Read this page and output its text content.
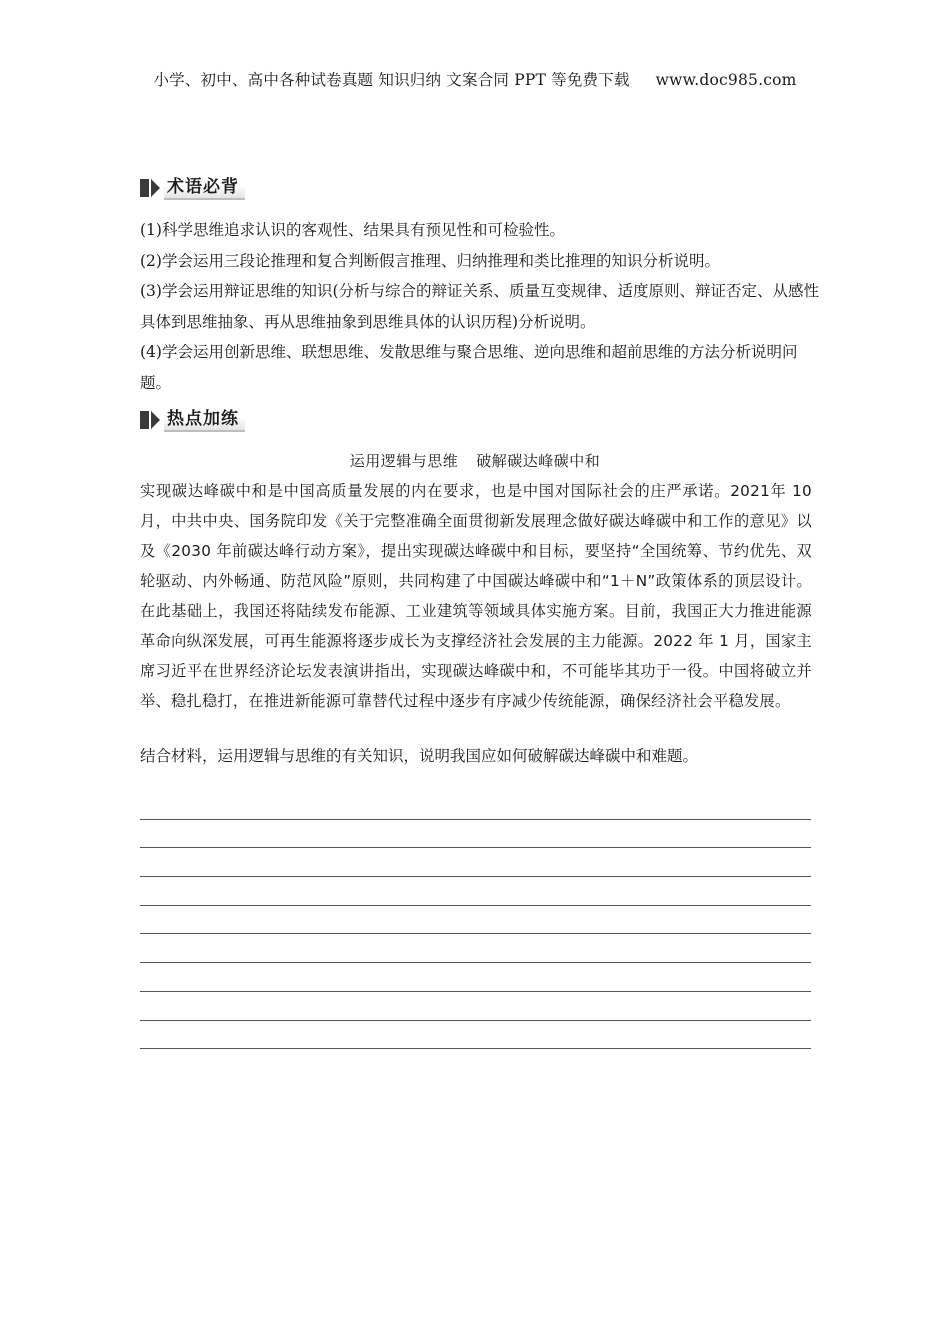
小学、初中、高中各种试卷真题 知识归纳 文案合同 PPT 等免费下载 www.doc985.com
术语必背

(1)科学思维追求认识的客观性、结果具有预见性和可检验性。

(2)学会运用三段论推理和复合判断假言推理、归纳推理和类比推理的知识分析说明。

(3)学会运用辩证思维的知识(分析与综合的辩证关系、质量互变规律、适度原则、辩证否定、从感性具体到思维抽象、再从思维抽象到思维具体的认识历程)分析说明。

(4)学会运用创新思维、联想思维、发散思维与聚合思维、逆向思维和超前思维的方法分析说明问题。

热点加练
运用逻辑与思维 破解碳达峰碳中和

实现碳达峰碳中和是中国高质量发展的内在要求，也是中国对国际社会的庄严承诺。2021年 10 月，中共中央、国务院印发《关于完整准确全面贯彻新发展理念做好碳达峰碳中和工作的意见》以及《2030 年前碳达峰行动方案》，提出实现碳达峰碳中和目标，要坚持“全国统筹、节约优先、双轮驱动、内外畅通、防范风险”原则，共同构建了中国碳达峰碳中和“1＋N”政策体系的顶层设计。在此基础上，我国还将陆续发布能源、工业建筑等领域具体实施方案。目前，我国正大力推进能源革命向纵深发展，可再生能源将逐步成长为支撑经济社会发展的主力能源。2022 年 1 月，国家主席习近平在世界经济论坛发表演讲指出，实现碳达峰碳中和，不可能毕其功于一役。中国将破立并举、稳扎稳打，在推进新能源可靠替代过程中逐步有序减少传统能源，确保经济社会平稳发展。

结合材料，运用逻辑与思维的有关知识，说明我国应如何破解碳达峰碳中和难题。
